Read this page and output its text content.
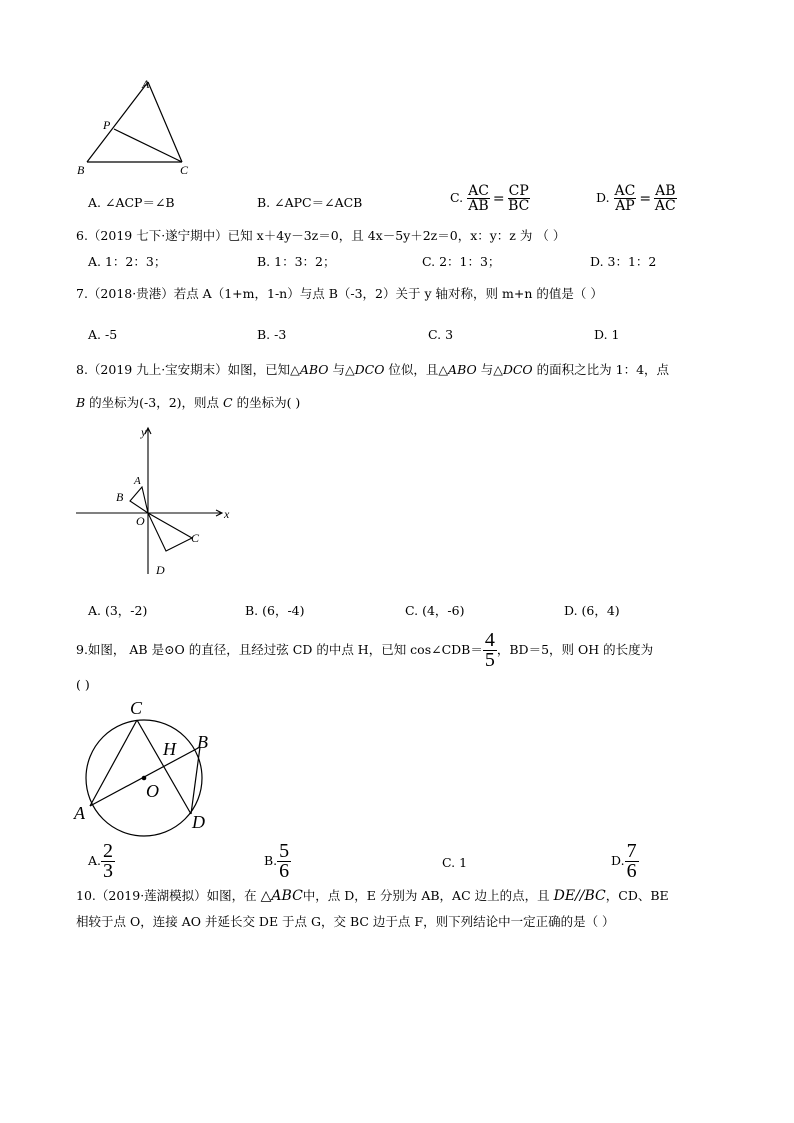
A
P
B	C
A. ∠ACP＝∠B	B. ∠APC＝∠ACB	C. $\frac{AC}{AB} = \frac{CP}{BC}$	D. $\frac{AC}{AP} = \frac{AB}{AC}$
6.（2019 七下·遂宁期中）已知 x＋4y－3z＝0，且 4x－5y＋2z＝0，x：y：z 为 （ ）
A. 1：2：3；	B. 1：3：2；	C. 2：1：3；	D. 3：1：2
7.（2018·贵港）若点 A（1+m，1-n）与点 B（-3，2）关于 y 轴对称，则 m+n 的值是（ ）
A. -5	B. -3	C. 3	D. 1
8.（2019 九上·宝安期末）如图，已知△ABO 与△DCO 位似，且△ABO 与△DCO 的面积之比为 1：4，点
B 的坐标为(-3，2)，则点 C 的坐标为( )
y
x
A
B
O
C
D
A. (3，-2)	B. (6，-4)	C. (4，-6)	D. (6，4)
9.如图， AB 是⊙O 的直径，且经过弦 CD 的中点 H，已知 cos∠CDB＝ $\frac{4}{5}$ ，BD＝5，则 OH 的长度为
( )
C
H B
O
A	D
A. $\frac{2}{3}$	B. $\frac{5}{6}$	C. 1	D. $\frac{7}{6}$
10.（2019·莲湖模拟）如图，在 △ABC中，点 D，E 分别为 AB，AC 边上的点，且 DE//BC，CD、BE
相较于点 O，连接 AO 并延长交 DE 于点 G，交 BC 边于点 F，则下列结论中一定正确的是（ ）
